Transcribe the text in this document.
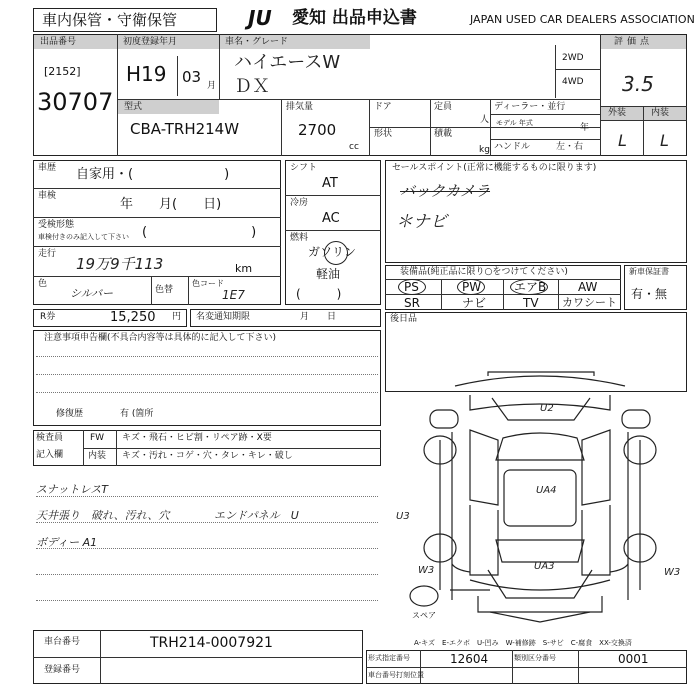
車内保管・守衛保管	JU 愛知 出品申込書	JAPAN USED CAR DEALERS ASSOCIATION
出品番号
[2152]
30707
初度登録年月
H19 03 月
車名・グレード
ハイエースW
ＤＸ
2WD
4WD
評価点
3.5
外装	内装
L L
型式
CBA-TRH214W
排気量
2700
cc
ドア
形状
定員
人
積載
kg
ディーラー・並行
モデル 年式	年
ハンドル	左・右
車歴 自家用・(　　　　　　　)
車検
年　　月(　　日)
受検形態
車検付きのみ記入して下さい (　　　　　　　　)
走行
19万9千113	km
色
シルバー	色替
色コード
1E7
シフト
AT
冷房
AC
燃料
ガソリン
軽油
(　　　)
セールスポイント(正常に機能するものに限ります)
バックカメラ
＊ナビ
装備品(純正品に限り○をつけてください)
PS	PW	エアB	AW
SR	ナビ	TV カワシート
新車保証書
有・無
R券	15,250 円 名変通知期限	月　　日	後日品
注意事項申告欄(不具合内容等は具体的に記入して下さい)
修復歴	有 (箇所
検査員
記入欄
FW キズ・飛石・ヒビ割・リペア跡・X要
内装 キズ・汚れ・コゲ・穴・タレ・キレ・破し
スナットレスT
天井張り　破れ、汚れ、穴	エンドパネル　U
ボディー A1
U2
UA4
U3
W3	UA3
W3
スペア
A-キズ　E-エクボ　U-凹み　W-補修跡　S-サビ　C-腐食　XX-交換済
車台番号	TRH214-0007921
登録番号
形式指定番号	12604	類別区分番号	0001
車台番号打刻位置
